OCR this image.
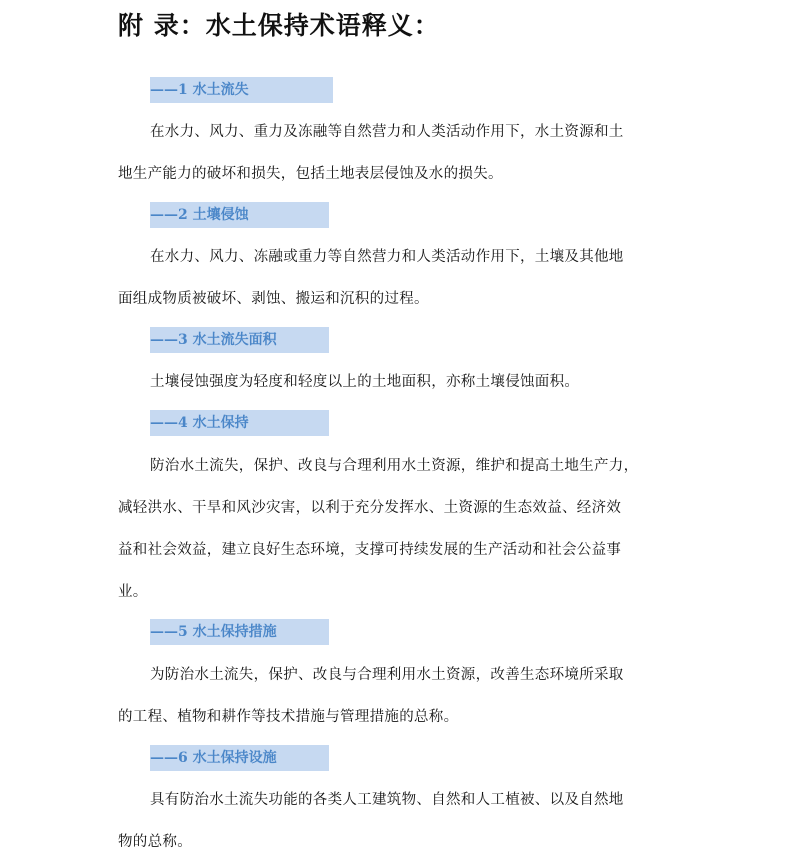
附 录：水土保持术语释义：
——1 水土流失
在水力、风力、重力及冻融等自然营力和人类活动作用下，水土资源和土
地生产能力的破坏和损失，包括土地表层侵蚀及水的损失。
——2 土壤侵蚀
在水力、风力、冻融或重力等自然营力和人类活动作用下，土壤及其他地
面组成物质被破坏、剥蚀、搬运和沉积的过程。
——3 水土流失面积
土壤侵蚀强度为轻度和轻度以上的土地面积，亦称土壤侵蚀面积。
——4 水土保持
防治水土流失，保护、改良与合理利用水土资源，维护和提高土地生产力，
减轻洪水、干旱和风沙灾害，以利于充分发挥水、土资源的生态效益、经济效
益和社会效益，建立良好生态环境，支撑可持续发展的生产活动和社会公益事
业。
——5 水土保持措施
为防治水土流失，保护、改良与合理利用水土资源，改善生态环境所采取
的工程、植物和耕作等技术措施与管理措施的总称。
——6 水土保持设施
具有防治水土流失功能的各类人工建筑物、自然和人工植被、以及自然地
物的总称。
